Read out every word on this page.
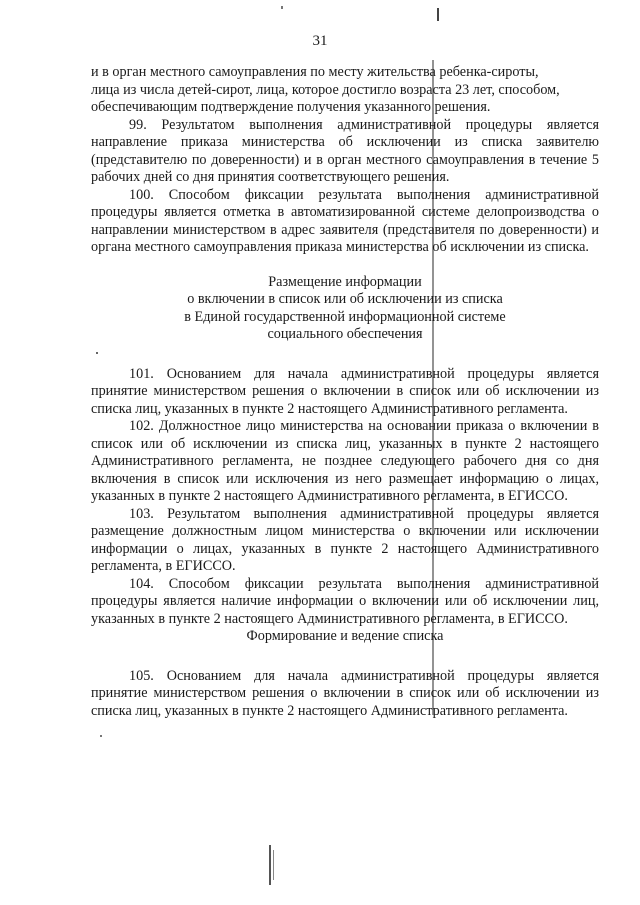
31

и в орган местного самоуправления по месту жительства ребенка-сироты,

лица из числа детей-сирот, лица, которое достигло возраста 23 лет, способом,

обеспечивающим подтверждение получения указанного решения.

99. Результатом выполнения административной процедуры является направление приказа министерства об исключении из списка заявителю (представителю по доверенности) и в орган местного самоуправления в течение 5 рабочих дней со дня принятия соответствующего решения.

100. Способом фиксации результата выполнения административной процедуры является отметка в автоматизированной системе делопроизводства о направлении министерством в адрес заявителя (представителя по доверенности) и органа местного самоуправления приказа министерства об исключении из списка.

Размещение информации

о включении в список или об исключении из списка

в Единой государственной информационной системе

социального обеспечения

101. Основанием для начала административной процедуры является принятие министерством решения о включении в список или об исключении из списка лиц, указанных в пункте 2 настоящего Административного регламента.

102. Должностное лицо министерства на основании приказа о включении в список или об исключении из списка лиц, указанных в пункте 2 настоящего Административного регламента, не позднее следующего рабочего дня со дня включения в список или исключения из него размещает информацию о лицах, указанных в пункте 2 настоящего Административного регламента, в ЕГИССО.

103. Результатом выполнения административной процедуры является размещение должностным лицом министерства о включении или исключении информации о лицах, указанных в пункте 2 настоящего Административного регламента, в ЕГИССО.

104. Способом фиксации результата выполнения административной процедуры является наличие информации о включении или об исключении лиц, указанных в пункте 2 настоящего Административного регламента, в ЕГИССО.

Формирование и ведение списка

105. Основанием для начала административной процедуры является принятие министерством решения о включении в список или об исключении из списка лиц, указанных в пункте 2 настоящего Административного регламента.
